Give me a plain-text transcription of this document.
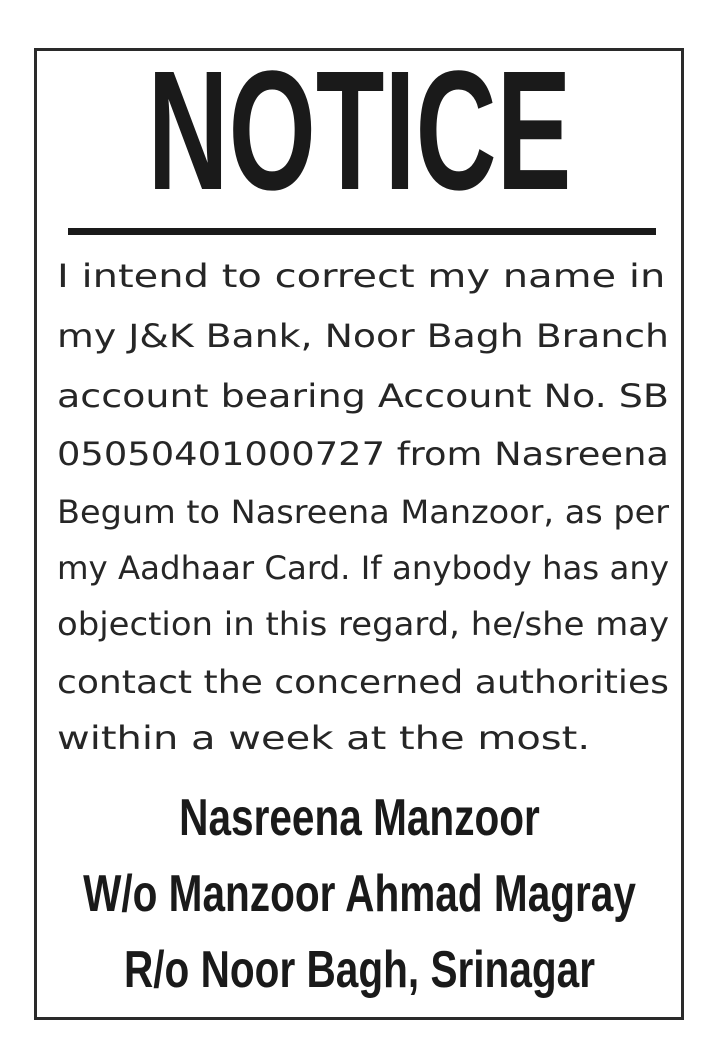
NOTICE
I intend to correct my name in
my J&K Bank, Noor Bagh Branch
account bearing Account No. SB
05050401000727 from Nasreena
Begum to Nasreena Manzoor, as per
my Aadhaar Card. If anybody has any
objection in this regard, he/she may
contact the concerned authorities
within a week at the most.
Nasreena Manzoor
W/o Manzoor Ahmad Magray
R/o Noor Bagh, Srinagar
